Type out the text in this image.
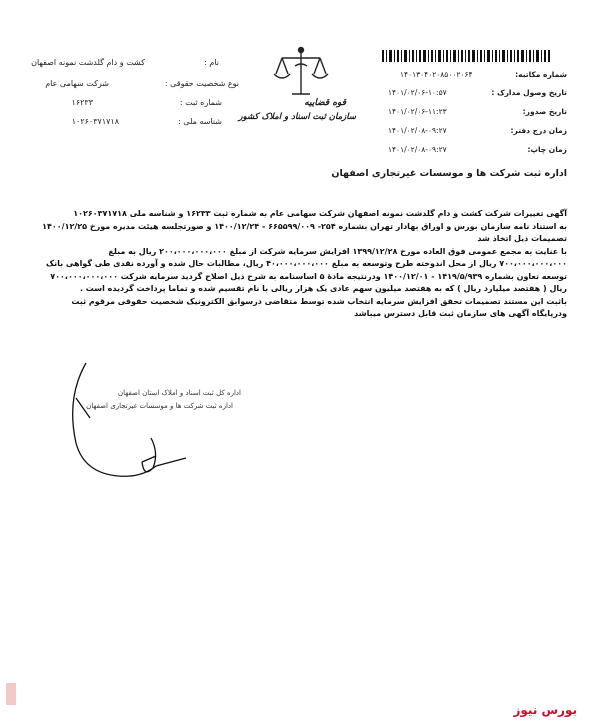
نام :
کشت و دام گلدشت نمونه اصفهان
نوع شخصیت حقوقی :
شرکت سهامی عام
شماره ثبت :
۱۶۲۳۳
شناسه ملی :
۱۰۲۶۰۳۷۱۷۱۸
قوه قضاییه
سازمان ثبت اسناد و املاک کشور
شماره مکاتبه:
۱۴۰۱۳۰۴۰۲۰۸۵۰۰۲۰۶۴
تاریخ وصول مدارک :
۱۴۰۱/۰۲/۰۶-۱۰:۵۷
تاریخ صدور:
۱۴۰۱/۰۲/۰۶-۱۱:۲۳
زمان درج دفتر:
۱۴۰۱/۰۲/۰۸-۰۹:۲۷
زمان چاپ:
۱۴۰۱/۰۲/۰۸-۰۹:۲۷
اداره ثبت شرکت ها و موسسات غیرتجاری اصفهان

آگهی تغییرات شرکت کشت و دام گلدشت نمونه اصفهان شرکت سهامی عام به شماره ثبت ۱۶۲۳۳ و شناسه ملی ۱۰۲۶۰۳۷۱۷۱۸

به استناد نامه سازمان بورس و اوراق بهادار تهران بشماره ۲۵۴- ۶۶۵۵۹۹/۰۰۹ - ۱۴۰۰/۱۲/۲۴ و صورتجلسه هیئت مدیره مورخ ۱۴۰۰/۱۲/۲۵

تصمیمات ذیل اتخاذ شد

با عنایت به مجمع عمومی فوق العاده مورخ ۱۳۹۹/۱۲/۲۸ افزایش سرمایه شرکت از مبلغ ۲۰۰،۰۰۰،۰۰۰،۰۰۰ ریال به مبلغ ۷۰۰،۰۰۰،۰۰۰،۰۰۰ ریال از محل اندوخته طرح وتوسعه به مبلغ ۴۰،۰۰۰،۰۰۰،۰۰۰ ریال، مطالبات حال شده و آورده نقدی طی گواهی بانک توسعه تعاون بشماره ۱۴۱۹/۵/۹۳۹ - ۱۴۰۰/۱۲/۰۱ ودرنتیجه مادهٔ ۵ اساسنامه به شرح ذیل اصلاح گردید سرمایه شرکت ۷۰۰،۰۰۰،۰۰۰،۰۰۰ ریال ( هفتصد میلیارد ریال ) که به هفتصد میلیون سهم عادی یک هزار ریالی با نام تقسیم شده و تماما پرداخت گردیده است .

باثبت این مستند تصمیمات تحقق افزایش سرمایه انتخاب شده توسط متقاضی درسوابق الکترونیک شخصیت حقوقی مرقوم ثبت ودرپایگاه آگهی های سازمان ثبت قابل دسترس میباشد

اداره کل ثبت اسناد و املاک استان اصفهان
اداره ثبت شرکت ها و موسسات غیرتجاری اصفهان
بورس نیوز
